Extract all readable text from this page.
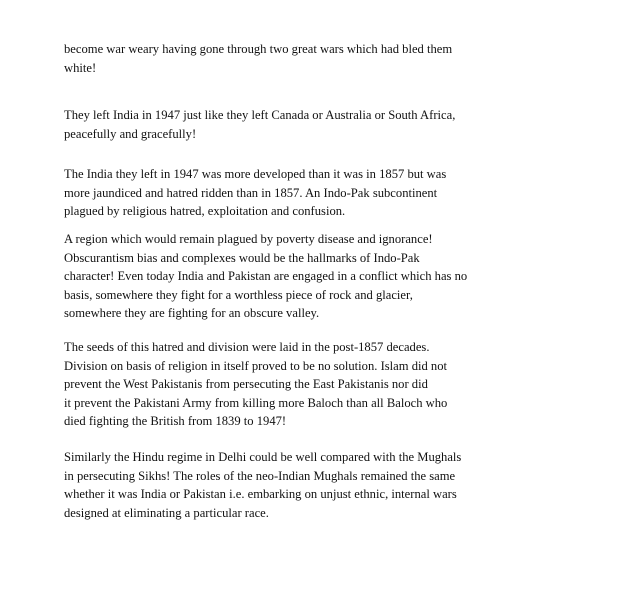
become war weary having gone through two great wars which had bled them
white!

They left India in 1947 just like they left Canada or Australia or South Africa,
peacefully and gracefully!

The India they left in 1947 was more developed than it was in 1857 but was
more jaundiced and hatred ridden than in 1857. An Indo-Pak subcontinent
plagued by religious hatred, exploitation and confusion.

A region which would remain plagued by poverty disease and ignorance!
Obscurantism bias and complexes would be the hallmarks of Indo-Pak
character! Even today India and Pakistan are engaged in a conflict which has no
basis, somewhere they fight for a worthless piece of rock and glacier,
somewhere they are fighting for an obscure valley.

The seeds of this hatred and division were laid in the post-1857 decades.
Division on basis of religion in itself proved to be no solution. Islam did not
prevent the West Pakistanis from persecuting the East Pakistanis nor did
it prevent the Pakistani Army from killing more Baloch than all Baloch who
died fighting the British from 1839 to 1947!

Similarly the Hindu regime in Delhi could be well compared with the Mughals
in persecuting Sikhs! The roles of the neo-Indian Mughals remained the same
whether it was India or Pakistan i.e. embarking on unjust ethnic, internal wars
designed at eliminating a particular race.
